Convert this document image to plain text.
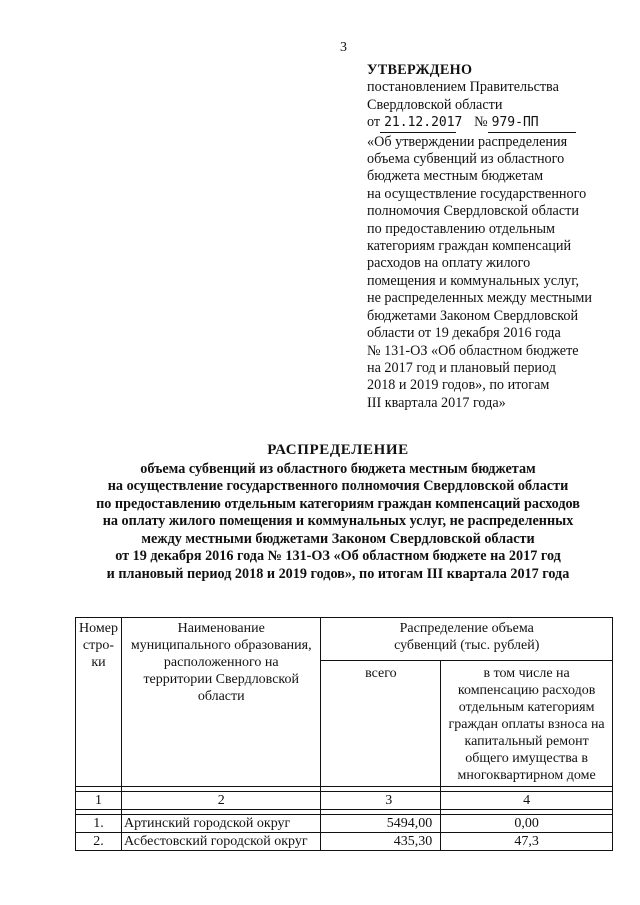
3
УТВЕРЖДЕНО
постановлением Правительства
Свердловской области
от 21.12.2017 № 979-ПП
«Об утверждении распределения
объема субвенций из областного
бюджета местным бюджетам
на осуществление государственного
полномочия Свердловской области
по предоставлению отдельным
категориям граждан компенсаций
расходов на оплату жилого
помещения и коммунальных услуг,
не распределенных между местными
бюджетами Законом Свердловской
области от 19 декабря 2016 года
№ 131-ОЗ «Об областном бюджете
на 2017 год и плановый период
2018 и 2019 годов», по итогам
III квартала 2017 года»
РАСПРЕДЕЛЕНИЕ
объема субвенций из областного бюджета местным бюджетам
на осуществление государственного полномочия Свердловской области
по предоставлению отдельным категориям граждан компенсаций расходов
на оплату жилого помещения и коммунальных услуг, не распределенных
между местными бюджетами Законом Свердловской области
от 19 декабря 2016 года № 131-ОЗ «Об областном бюджете на 2017 год
и плановый период 2018 и 2019 годов», по итогам III квартала 2017 года
Номер стро-ки	Наименование муниципального образования, расположенного на территории Свердловской области	Распределение объема субвенций (тыс. рублей)	
		всего	в том числе на компенсацию расходов отдельным категориям граждан оплаты взноса на капитальный ремонт общего имущества в многоквартирном доме

1	2	3	4

1.	Артинский городской округ	5494,00	0,00
2.	Асбестовский городской округ	435,30	47,3
